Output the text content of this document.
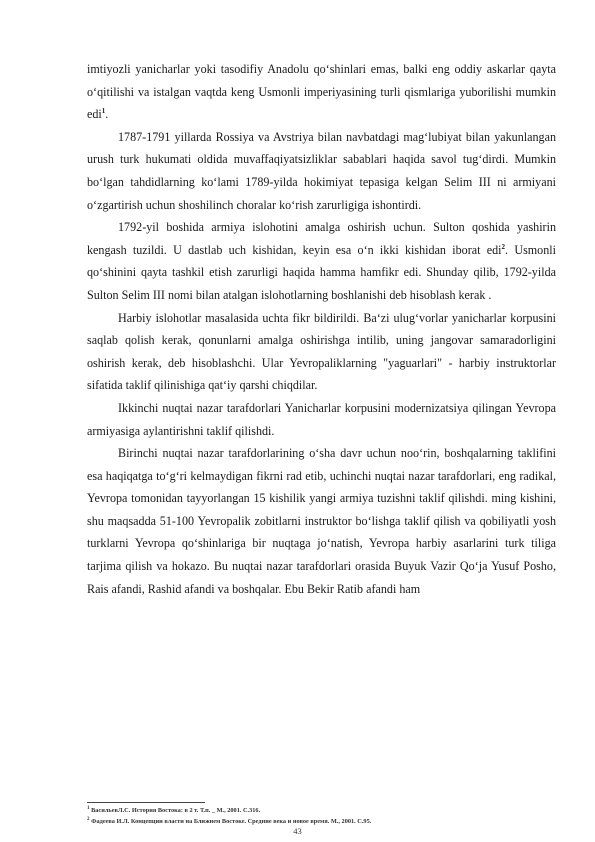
imtiyozli yanicharlar yoki tasodifiy Anadolu qo‘shinlari emas, balki eng oddiy askarlar qayta o‘qitilishi va istalgan vaqtda keng Usmonli imperiyasining turli qismlariga yuborilishi mumkin edi$^1$.

1787-1791 yillarda Rossiya va Avstriya bilan navbatdagi mag‘lubiyat bilan yakunlangan urush turk hukumati oldida muvaffaqiyatsizliklar sabablari haqida savol tug‘dirdi. Mumkin bo‘lgan tahdidlarning ko‘lami 1789-yilda hokimiyat tepasiga kelgan Selim III ni armiyani o‘zgartirish uchun shoshilinch choralar ko‘rish zarurligiga ishontirdi.

1792-yil boshida armiya islohotini amalga oshirish uchun. Sulton qoshida yashirin kengash tuzildi. U dastlab uch kishidan, keyin esa o‘n ikki kishidan iborat edi$^2$. Usmonli qo‘shinini qayta tashkil etish zarurligi haqida hamma hamfikr edi. Shunday qilib, 1792-yilda Sulton Selim III nomi bilan atalgan islohotlarning boshlanishi deb hisoblash kerak .

Harbiy islohotlar masalasida uchta fikr bildirildi. Ba‘zi ulug‘vorlar yanicharlar korpusini saqlab qolish kerak, qonunlarni amalga oshirishga intilib, uning jangovar samaradorligini oshirish kerak, deb hisoblashchi. Ular Yevropaliklarning "yaguarlari" - harbiy instruktorlar sifatida taklif qilinishiga qat‘iy qarshi chiqdilar.

Ikkinchi nuqtai nazar tarafdorlari Yanicharlar korpusini modernizatsiya qilingan Yevropa armiyasiga aylantirishni taklif qilishdi.

Birinchi nuqtai nazar tarafdorlarining o‘sha davr uchun noo‘rin, boshqalarning taklifini esa haqiqatga to‘g‘ri kelmaydigan fikrni rad etib, uchinchi nuqtai nazar tarafdorlari, eng radikal, Yevropa tomonidan tayyorlangan 15 kishilik yangi armiya tuzishni taklif qilishdi. ming kishini, shu maqsadda 51-100 Yevropalik zobitlarni instruktor bo‘lishga taklif qilish va qobiliyatli yosh turklarni Yevropa qo‘shinlariga bir nuqtaga jo‘natish, Yevropa harbiy asarlarini turk tiliga tarjima qilish va hokazo. Bu nuqtai nazar tarafdorlari orasida Buyuk Vazir Qo‘ja Yusuf Posho, Rais afandi, Rashid afandi va boshqalar. Ebu Bekir Ratib afandi ham

$^1$ ВасильевЛ.С. История Востока: в 2 т. Т.п. _ М., 2001. С.316.

$^2$ Фадеева И.Л. Концепции власти на Ближнем Востоке. Средние века и новое время. М., 2001. С.95.

43
